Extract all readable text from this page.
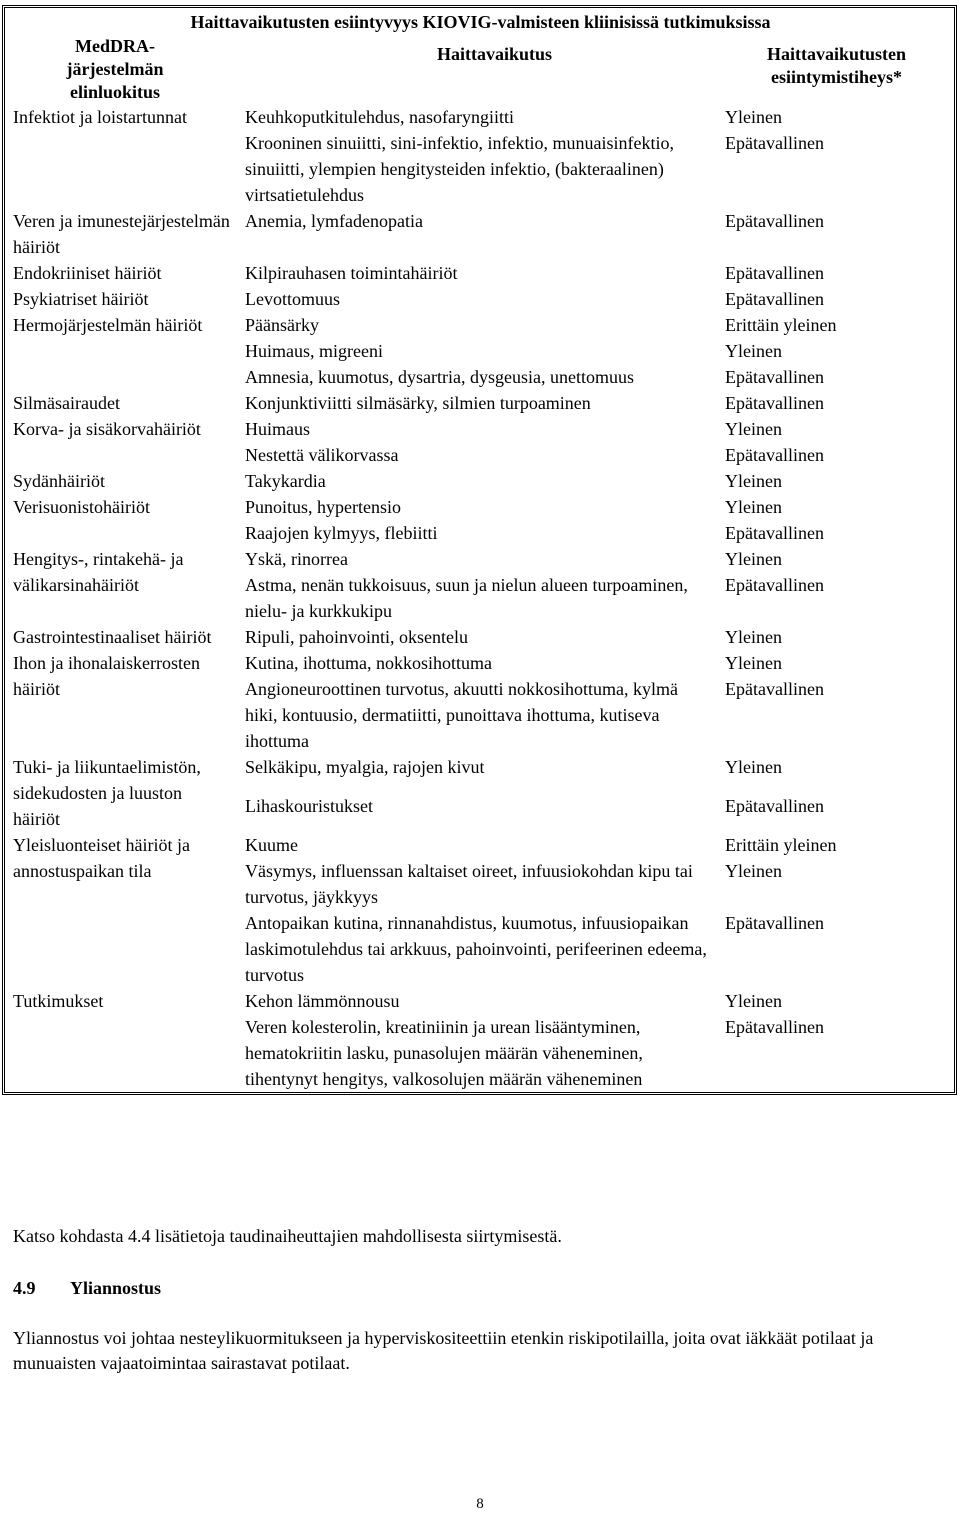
Haittavaikutusten esiintyvyys KIOVIG-valmisteen kliinisissä tutkimuksissa		
MedDRA-järjestelmän elinluokitus	Haittavaikutus	Haittavaikutusten esiintymistiheys*
Infektiot ja loistartunnat	Keuhkoputkitulehdus, nasofaryngiitti	Yleinen
	Krooninen sinuiitti, sini-infektio, infektio, munuaisinfektio, sinuiitti, ylempien hengitysteiden infektio, (bakteraalinen) virtsatietulehdus	Epätavallinen
Veren ja imunestejärjestelmän häiriöt	Anemia, lymfadenopatia	Epätavallinen
Endokriiniset häiriöt	Kilpirauhasen toimintahäiriöt	Epätavallinen
Psykiatriset häiriöt	Levottomuus	Epätavallinen
Hermojärjestelmän häiriöt	Päänsärky	Erittäin yleinen
	Huimaus, migreeni	Yleinen
	Amnesia, kuumotus, dysartria, dysgeusia, unettomuus	Epätavallinen
Silmäsairaudet	Konjunktiviitti silmäsärky, silmien turpoaminen	Epätavallinen
Korva- ja sisäkorvahäiriöt	Huimaus	Yleinen
	Nestettä välikorvassa	Epätavallinen
Sydänhäiriöt	Takykardia	Yleinen
Verisuonistohäiriöt	Punoitus, hypertensio	Yleinen
	Raajojen kylmyys, flebiitti	Epätavallinen
Hengitys-, rintakehä- ja välikarsinahäiriöt	Yskä, rinorrea	Yleinen
	Astma, nenän tukkoisuus, suun ja nielun alueen turpoaminen, nielu- ja kurkkukipu	Epätavallinen
Gastrointestinaaliset häiriöt	Ripuli, pahoinvointi, oksentelu	Yleinen
Ihon ja ihonalaiskerrosten häiriöt	Kutina, ihottuma, nokkosihottuma	Yleinen
	Angioneuroottinen turvotus, akuutti nokkosihottuma, kylmä hiki, kontuusio, dermatiitti, punoittava ihottuma, kutiseva ihottuma	Epätavallinen
Tuki- ja liikuntaelimistön, sidekudosten ja luuston häiriöt	Selkäkipu, myalgia, rajojen kivut	Yleinen
	Lihaskouristukset	Epätavallinen
Yleisluonteiset häiriöt ja annostuspaikan tila	Kuume	Erittäin yleinen
	Väsymys, influenssan kaltaiset oireet, infuusiokohdan kipu tai turvotus, jäykkyys	Yleinen
	Antopaikan kutina, rinnanahdistus, kuumotus, infuusiopaikan laskimotulehdus tai arkkuus, pahoinvointi, perifeerinen edeema, turvotus	Epätavallinen
Tutkimukset	Kehon lämmönnousu	Yleinen
	Veren kolesterolin, kreatiniinin ja urean lisääntyminen, hematokriitin lasku, punasolujen määrän väheneminen, tihentynyt hengitys, valkosolujen määrän väheneminen	Epätavallinen
Katso kohdasta 4.4 lisätietoja taudinaiheuttajien mahdollisesta siirtymisestä.
4.9 Yliannostus
Yliannostus voi johtaa nesteylikuormitukseen ja hyperviskositeettiin etenkin riskipotilailla, joita ovat iäkkäät potilaat ja munuaisten vajaatoimintaa sairastavat potilaat.
8
